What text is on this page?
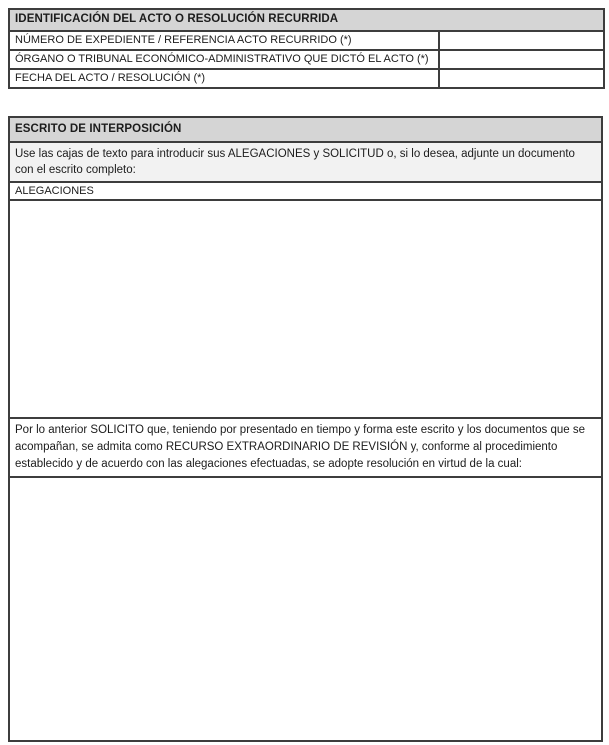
IDENTIFICACIÓN DEL ACTO O RESOLUCIÓN RECURRIDA	
NÚMERO DE EXPEDIENTE / REFERENCIA ACTO RECURRIDO (*)	
ÓRGANO O TRIBUNAL ECONÓMICO-ADMINISTRATIVO QUE DICTÓ EL ACTO (*)	
FECHA DEL ACTO / RESOLUCIÓN (*)	
ESCRITO DE INTERPOSICIÓN
Use las cajas de texto para introducir sus ALEGACIONES y SOLICITUD o, si lo desea, adjunte un documento con el escrito completo:
ALEGACIONES

Por lo anterior SOLICITO que, teniendo por presentado en tiempo y forma este escrito y los documentos que se acompañan, se admita como RECURSO EXTRAORDINARIO DE REVISIÓN y, conforme al procedimiento establecido y de acuerdo con las alegaciones efectuadas, se adopte resolución en virtud de la cual:
